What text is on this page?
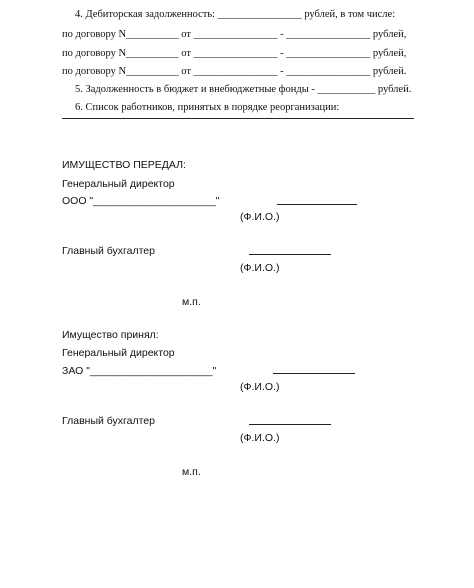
4. Дебиторская задолженность: ________________ рублей, в том числе:
по договору N__________ от ________________ - ________________ рублей,
по договору N__________ от ________________ - ________________ рублей,
по договору N__________ от ________________ - ________________ рублей.
5. Задолженность в бюджет и внебюджетные фонды - ___________ рублей.
6. Список работников, принятых в порядке реорганизации:
ИМУЩЕСТВО ПЕРЕДАЛ:
Генеральный директор
ООО "_____________________"
(Ф.И.О.)
Главный бухгалтер
(Ф.И.О.)
м.п.
Имущество принял:
Генеральный директор
ЗАО "_____________________"
(Ф.И.О.)
Главный бухгалтер
(Ф.И.О.)
м.п.
